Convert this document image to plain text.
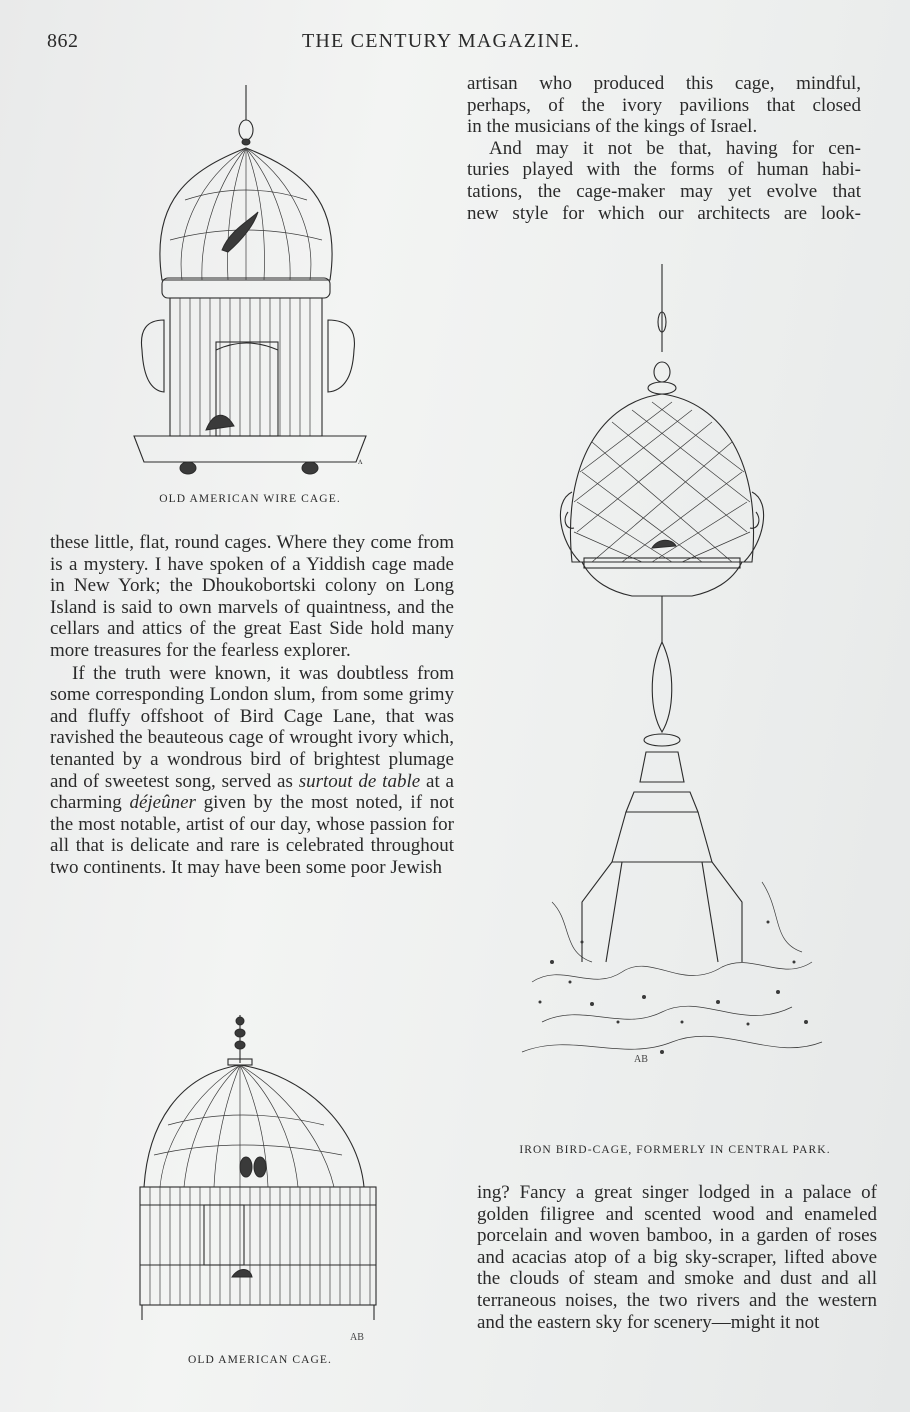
862	THE CENTURY MAGAZINE.
artisan who produced this cage, mindful,
perhaps, of the ivory pavilions that closed
in the musicians of the kings of Israel.
And may it not be that, having for cen-
turies played with the forms of human habi-
tations, the cage-maker may yet evolve that
new style for which our architects are look-
ʌ
OLD AMERICAN WIRE CAGE.

these little, flat, round cages. Where they come from is a mystery. I have spoken of a Yiddish cage made in New York; the Dhoukobortski colony on Long Island is said to own marvels of quaintness, and the cellars and attics of the great East Side hold many more treasures for the fearless explorer.

If the truth were known, it was doubtless from some corresponding London slum, from some grimy and fluffy offshoot of Bird Cage Lane, that was ravished the beauteous cage of wrought ivory which, tenanted by a wondrous bird of brightest plumage and of sweetest song, served as surtout de table at a charming déjeûner given by the most noted, if not the most notable, artist of our day, whose passion for all that is delicate and rare is celebrated throughout two continents. It may have been some poor Jewish

AB
IRON BIRD-CAGE, FORMERLY IN CENTRAL PARK.
AB
OLD AMERICAN CAGE.

ing? Fancy a great singer lodged in a palace of golden filigree and scented wood and enameled porcelain and woven bamboo, in a garden of roses and acacias atop of a big sky-scraper, lifted above the clouds of steam and smoke and dust and all terraneous noises, the two rivers and the western and the eastern sky for scenery—might it not
